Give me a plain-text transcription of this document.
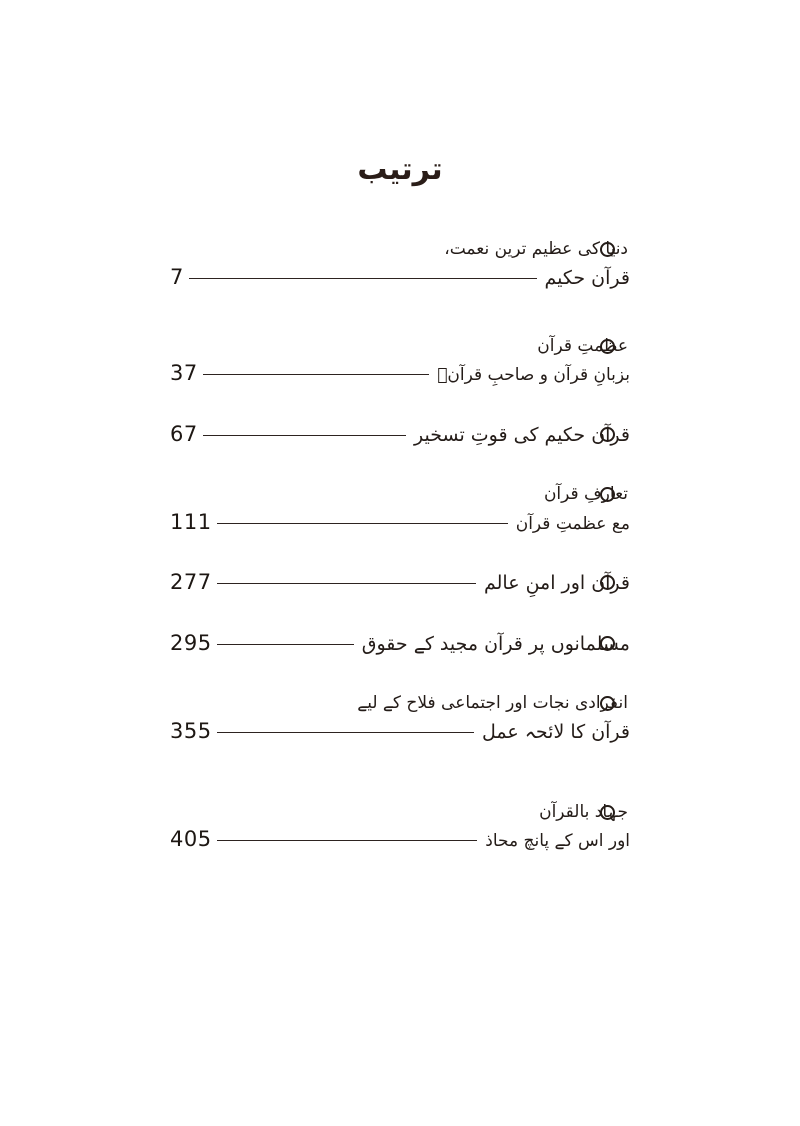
ترتیب
دنیا کی عظیم ترین نعمت،
قرآن حکیم
7
عظمتِ قرآن
بزبانِ قرآن و صاحبِ قرآنؐ
37
قرآن حکیم کی قوتِ تسخیر
67
تعارفِ قرآن
مع عظمتِ قرآن
111
قرآن اور امنِ عالم
277
مسلمانوں پر قرآن مجید کے حقوق
295
انفرادی نجات اور اجتماعی فلاح کے لیے
قرآن کا لائحہ عمل
355
جہاد بالقرآن
اور اس کے پانچ محاذ
405
